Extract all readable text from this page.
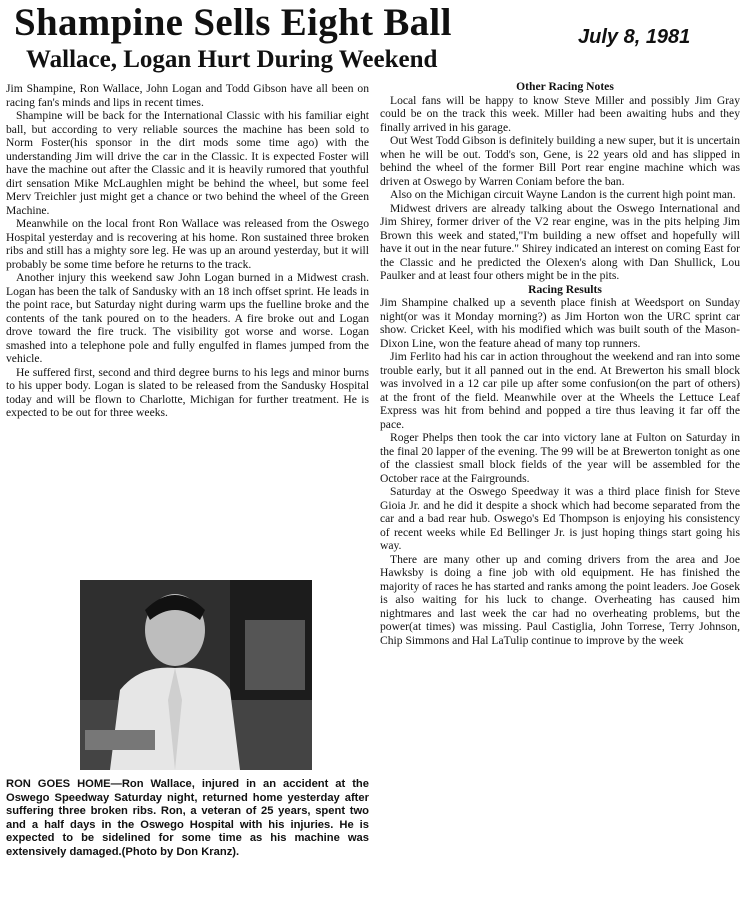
Shampine Sells Eight Ball	July 8, 1981
Wallace, Logan Hurt During Weekend

Jim Shampine, Ron Wallace, John Logan and Todd Gibson have all been on racing fan's minds and lips in recent times.

Shampine will be back for the International Classic with his familiar eight ball, but according to very reliable sources the machine has been sold to Norm Foster(his sponsor in the dirt mods some time ago) with the understanding Jim will drive the car in the Classic. It is expected Foster will have the machine out after the Classic and it is heavily rumored that youthful dirt sensation Mike McLaughlen might be behind the wheel, but some feel Merv Treichler just might get a chance or two behind the wheel of the Green Machine.

Meanwhile on the local front Ron Wallace was released from the Oswego Hospital yesterday and is recovering at his home. Ron sustained three broken ribs and still has a mighty sore leg. He was up an around yesterday, but it will probably be some time before he returns to the track.

Another injury this weekend saw John Logan burned in a Midwest crash. Logan has been the talk of Sandusky with an 18 inch offset sprint. He leads in the point race, but Saturday night during warm ups the fuelline broke and the contents of the tank poured on to the headers. A fire broke out and Logan drove toward the fire truck. The visibility got worse and worse. Logan smashed into a telephone pole and fully engulfed in flames jumped from the vehicle.

He suffered first, second and third degree burns to his legs and minor burns to his upper body. Logan is slated to be released from the Sandusky Hospital today and will be flown to Charlotte, Michigan for further treatment. He is expected to be out for three weeks.

RON GOES HOME—Ron Wallace, injured in an accident at the Oswego Speedway Saturday night, returned home yesterday after suffering three broken ribs. Ron, a veteran of 25 years, spent two and a half days in the Oswego Hospital with his injuries. He is expected to be sidelined for some time as his machine was extensively damaged.(Photo by Don Kranz).

Other Racing Notes

Local fans will be happy to know Steve Miller and possibly Jim Gray could be on the track this week. Miller had been awaiting hubs and they finally arrived in his garage.

Out West Todd Gibson is definitely building a new super, but it is uncertain when he will be out. Todd's son, Gene, is 22 years old and has slipped in behind the wheel of the former Bill Port rear engine machine which was driven at Oswego by Warren Coniam before the ban.

Also on the Michigan circuit Wayne Landon is the current high point man.

Midwest drivers are already talking about the Oswego International and Jim Shirey, former driver of the V2 rear engine, was in the pits helping Jim Brown this week and stated,"I'm building a new offset and hopefully will have it out in the near future." Shirey indicated an interest on coming East for the Classic and he predicted the Olexen's along with Dan Shullick, Lou Paulker and at least four others might be in the pits.

Racing Results

Jim Shampine chalked up a seventh place finish at Weedsport on Sunday night(or was it Monday morning?) as Jim Horton won the URC sprint car show. Cricket Keel, with his modified which was built south of the Mason-Dixon Line, won the feature ahead of many top runners.

Jim Ferlito had his car in action throughout the weekend and ran into some trouble early, but it all panned out in the end. At Brewerton his small block was involved in a 12 car pile up after some confusion(on the part of others) at the front of the field. Meanwhile over at the Wheels the Lettuce Leaf Express was hit from behind and popped a tire thus leaving it far off the pace.

Roger Phelps then took the car into victory lane at Fulton on Saturday in the final 20 lapper of the evening. The 99 will be at Brewerton tonight as one of the classiest small block fields of the year will be assembled for the October race at the Fairgrounds.

Saturday at the Oswego Speedway it was a third place finish for Steve Gioia Jr. and he did it despite a shock which had become separated from the car and a bad rear hub. Oswego's Ed Thompson is enjoying his consistency of recent weeks while Ed Bellinger Jr. is just hoping things start going his way.

There are many other up and coming drivers from the area and Joe Hawksby is doing a fine job with old equipment. He has finished the majority of races he has started and ranks among the point leaders. Joe Gosek is also waiting for his luck to change. Overheating has caused him nightmares and last week the car had no overheating problems, but the power(at times) was missing. Paul Castiglia, John Torrese, Terry Johnson, Chip Simmons and Hal LaTulip continue to improve by the week
